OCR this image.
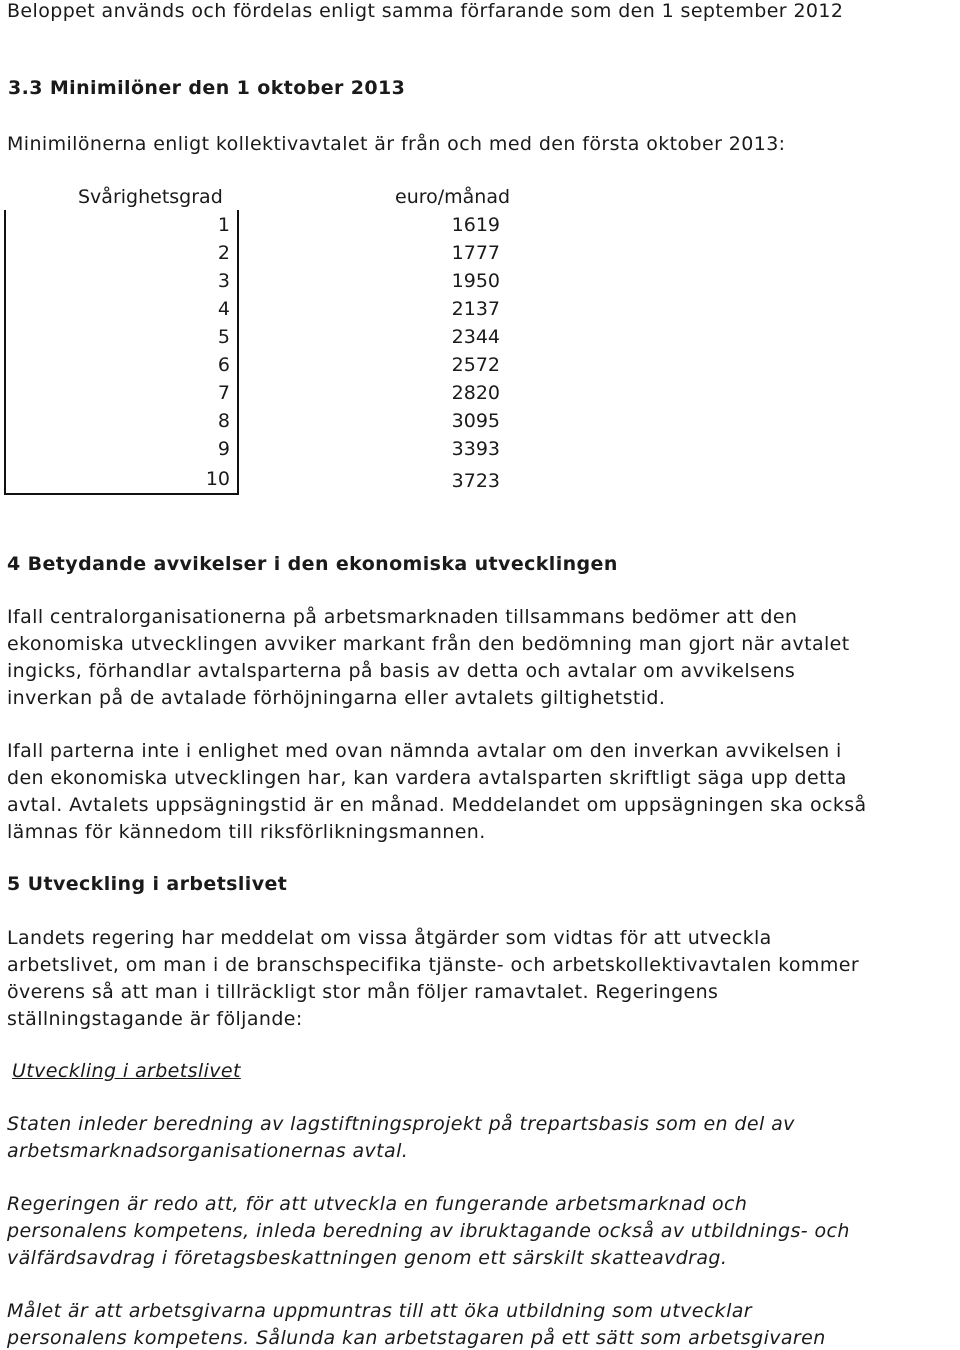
Beloppet används och fördelas enligt samma förfarande som den 1 september 2012
3.3 Minimilöner den 1 oktober 2013
Minimilönerna enligt kollektivavtalet är från och med den första oktober 2013:
Svårighetsgrad	euro/månad
1	1619
2	1777
3	1950
4	2137
5	2344
6	2572
7	2820
8	3095
9	3393
10	3723
4 Betydande avvikelser i den ekonomiska utvecklingen
Ifall centralorganisationerna på arbetsmarknaden tillsammans bedömer att den
ekonomiska utvecklingen avviker markant från den bedömning man gjort när avtalet
ingicks, förhandlar avtalsparterna på basis av detta och avtalar om avvikelsens
inverkan på de avtalade förhöjningarna eller avtalets giltighetstid.
Ifall parterna inte i enlighet med ovan nämnda avtalar om den inverkan avvikelsen i
den ekonomiska utvecklingen har, kan vardera avtalsparten skriftligt säga upp detta
avtal. Avtalets uppsägningstid är en månad. Meddelandet om uppsägningen ska också
lämnas för kännedom till riksförlikningsmannen.
5 Utveckling i arbetslivet
Landets regering har meddelat om vissa åtgärder som vidtas för att utveckla
arbetslivet, om man i de branschspecifika tjänste- och arbetskollektivavtalen kommer
överens så att man i tillräckligt stor mån följer ramavtalet. Regeringens
ställningstagande är följande:
Utveckling i arbetslivet
Staten inleder beredning av lagstiftningsprojekt på trepartsbasis som en del av
arbetsmarknadsorganisationernas avtal.
Regeringen är redo att, för att utveckla en fungerande arbetsmarknad och
personalens kompetens, inleda beredning av ibruktagande också av utbildnings- och
välfärdsavdrag i företagsbeskattningen genom ett särskilt skatteavdrag.
Målet är att arbetsgivarna uppmuntras till att öka utbildning som utvecklar
personalens kompetens. Sålunda kan arbetstagaren på ett sätt som arbetsgivaren
